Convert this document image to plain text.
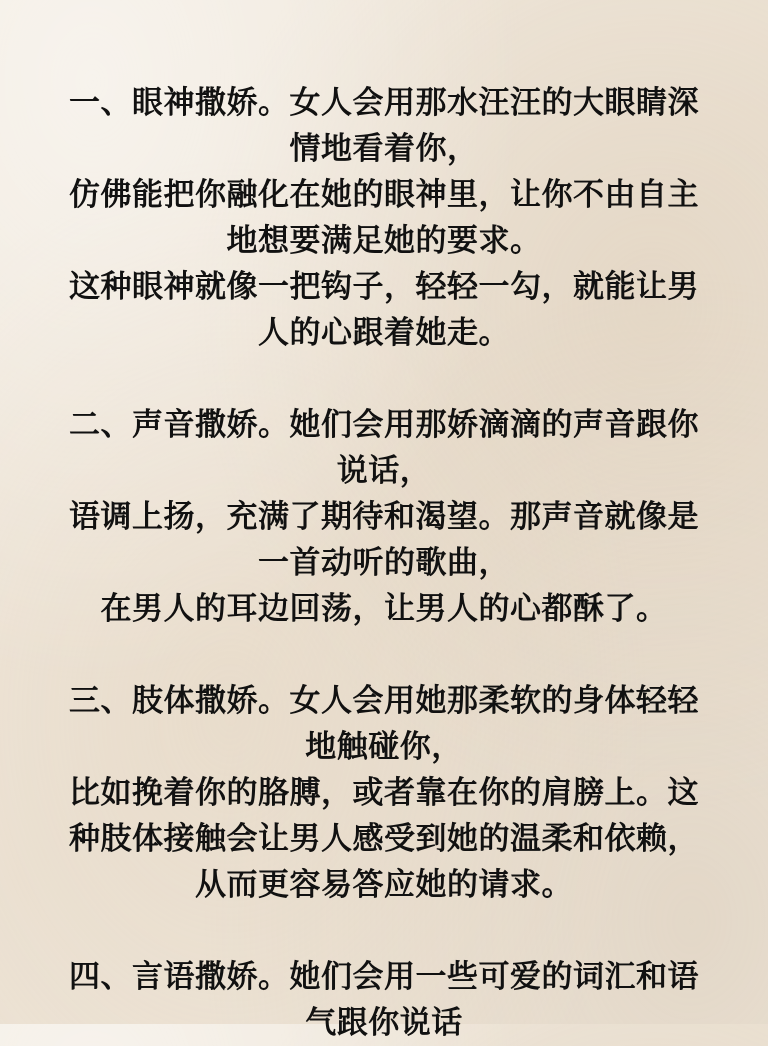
一、眼神撒娇。女人会用那水汪汪的大眼睛深
情地看着你，
仿佛能把你融化在她的眼神里，让你不由自主
地想要满足她的要求。
这种眼神就像一把钩子，轻轻一勾，就能让男
人的心跟着她走。
二、声音撒娇。她们会用那娇滴滴的声音跟你
说话，
语调上扬，充满了期待和渴望。那声音就像是
一首动听的歌曲，
在男人的耳边回荡，让男人的心都酥了。
三、肢体撒娇。女人会用她那柔软的身体轻轻
地触碰你，
比如挽着你的胳膊，或者靠在你的肩膀上。这
种肢体接触会让男人感受到她的温柔和依赖，
从而更容易答应她的请求。
四、言语撒娇。她们会用一些可爱的词汇和语
气跟你说话
